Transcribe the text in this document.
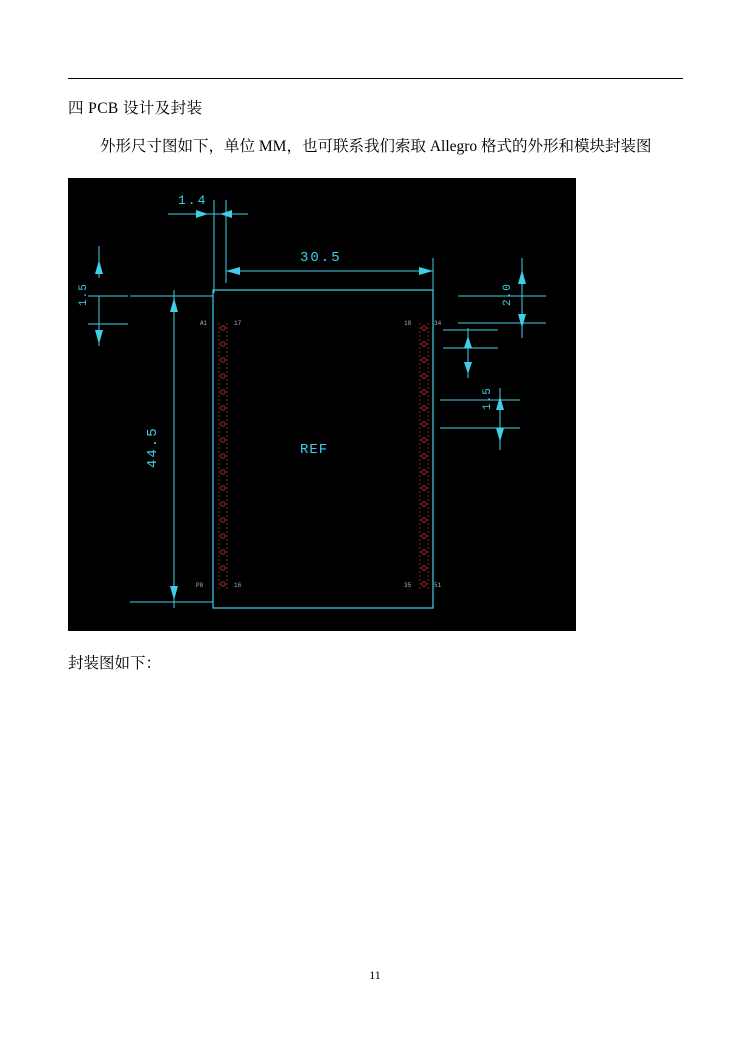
四 PCB 设计及封装

外形尺寸图如下，单位 MM，也可联系我们索取 Allegro 格式的外形和模块封装图

1.4
30.5
44.5
1.5	2.0
1.5
A1	17	18	34
P8	16	35	51
REF
封装图如下：
11
